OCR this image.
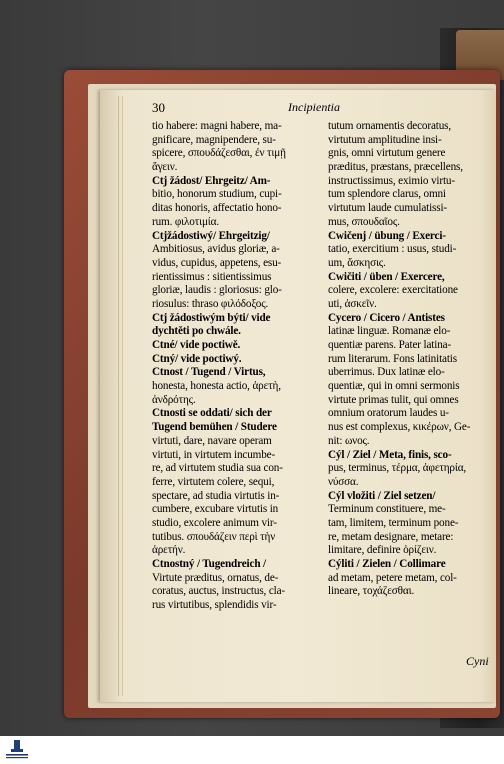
30	Incipientia
tio habere: magni habere, ma-
gnificare, magnipendere, su-
spicere, σπουδάζεσθαι, ἐν τιμῇ
ἄγειν.
Ctj žádost/ Ehrgeitz/ Am-
bitio, honorum studium, cupi-
ditas honoris, affectatio hono-
rum. φιλοτιμία.
Ctjžádostiwý/ Ehrgeitzig/
Ambitiosus, avidus gloriæ, a-
vidus, cupidus, appetens, esu-
rientissimus : sitientissimus
gloriæ, laudis : gloriosus: glo-
riosulus: thraso φιλόδοξος.
Ctj žádostiwým býti/ vide
dychtěti po chwále.
Ctné/ vide poctiwě.
Ctný/ vide poctiwý.
Ctnost / Tugend / Virtus,
honesta, honesta actio, ἀρετὴ,
ἀνδρότης.
Ctnosti se oddati/ sich der
Tugend bemühen / Studere
virtuti, dare, navare operam
virtuti, in virtutem incumbe-
re, ad virtutem studia sua con-
ferre, virtutem colere, sequi,
spectare, ad studia virtutis in-
cumbere, excubare virtutis in
studio, excolere animum vir-
tutibus. σπουδάζειν περὶ τὴν
ἀρετήν.
Ctnostný / Tugendreich /
Virtute præditus, ornatus, de-
coratus, auctus, instructus, cla-
rus virtutibus, splendidis vir-
tutum ornamentis decoratus,
virtutum amplitudine insi-
gnis, omni virtutum genere
præditus, præstans, præcellens,
instructissimus, eximio virtu-
tum splendore clarus, omni
virtutum laude cumulatissi-
mus, σπουδαῖος.
Cwičenj / übung / Exerci-
tatio, exercitium : usus, studi-
um, ἄσκησις.
Cwičiti / üben / Exercere,
colere, excolere: exercitatione
uti, ἀσκεῖν.
Cycero / Cicero / Antistes
latinæ linguæ. Romanæ elo-
quentiæ parens. Pater latina-
rum literarum. Fons latinitatis
uberrimus. Dux latinæ elo-
quentiæ, qui in omni sermonis
virtute primas tulit, qui omnes
omnium oratorum laudes u-
nus est complexus, κικέρων, Ge-
nit: ωνος.
Cýl / Ziel / Meta, finis, sco-
pus, terminus, τέρμα, ἀφετηρία,
νύσσα.
Cýl vložiti / Ziel setzen/
Terminum constituere, me-
tam, limitem, terminum pone-
re, metam designare, metare:
limitare, definire ὁρίζειν.
Cýliti / Zielen / Collimare
ad metam, petere metam, col-
lineare, τοχάζεσθαι.
Cyni
